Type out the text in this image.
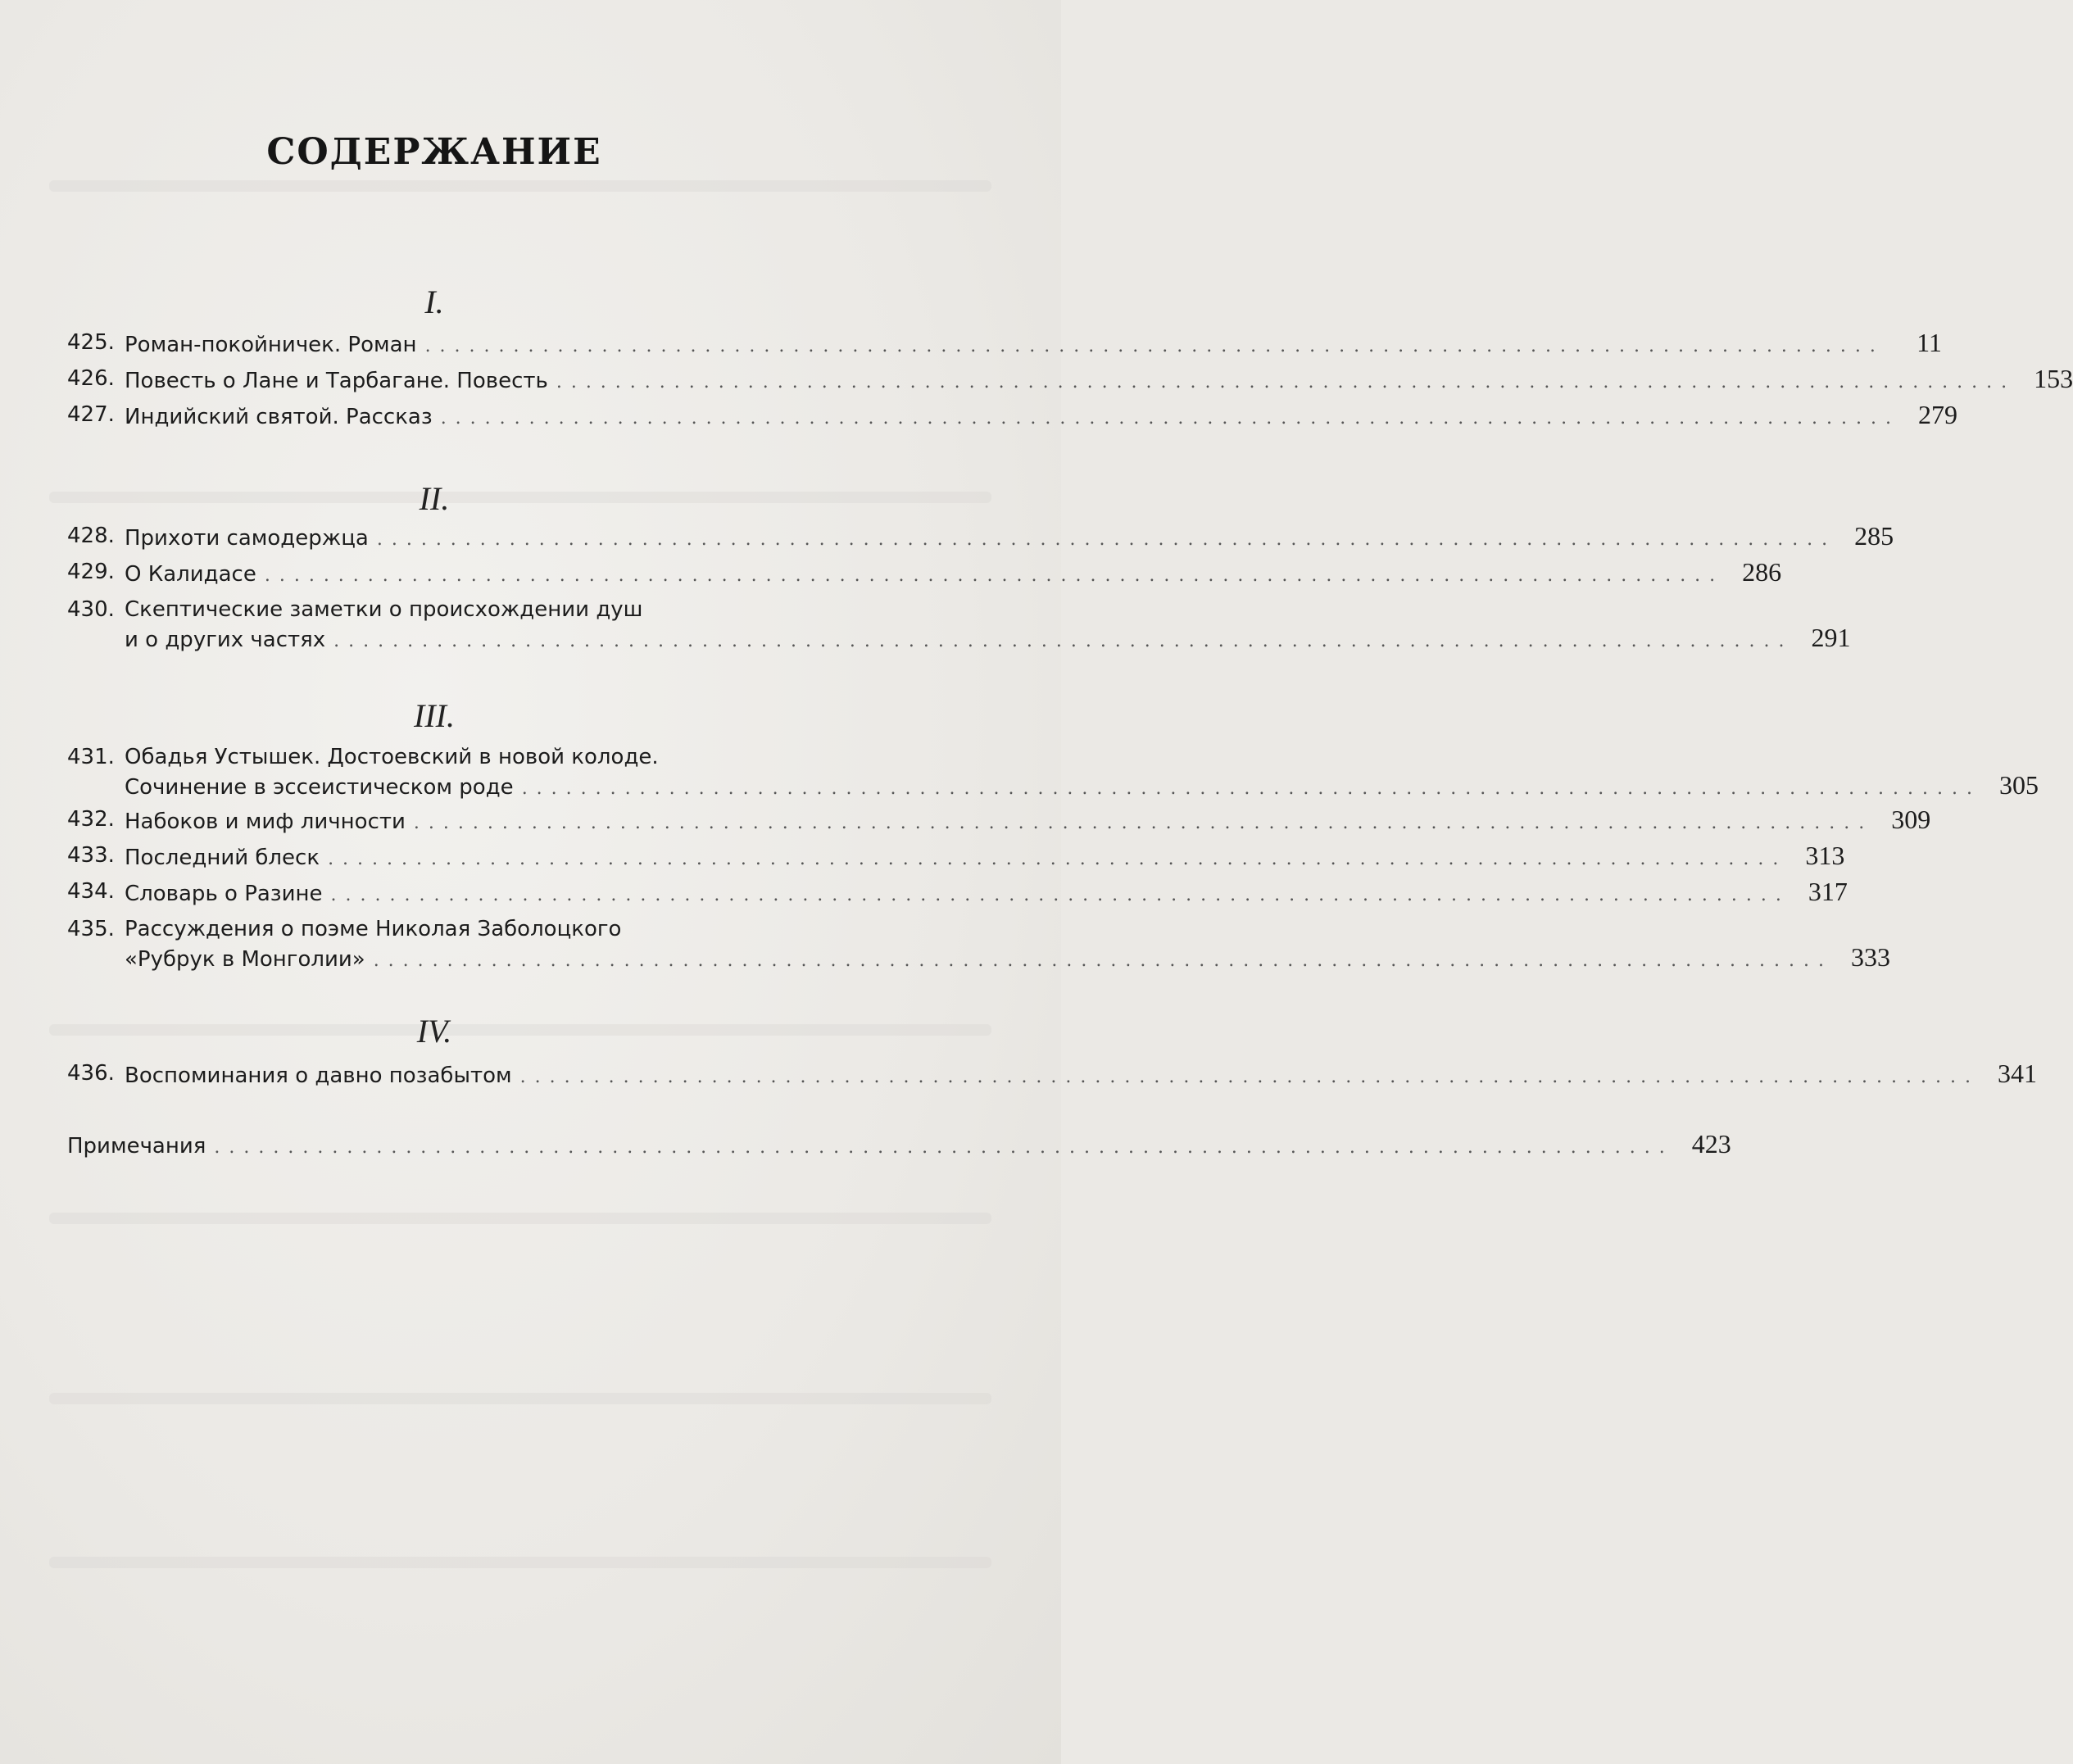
СОДЕРЖАНИЕ
I.
425. Роман-покойничек. Роман ...................................................................................................	11
426. Повесть о Лане и Тарбагане. Повесть ................................................................................................... 153
427. Индийский святой. Рассказ ................................................................................................... 279
II.
428. Прихоти самодержца ................................................................................................... 285
429. О Калидасе ................................................................................................... 286
430. Скептические заметки о происхождении душ
и о других частях ................................................................................................... 291
III.
431. Обадья Устышек. Достоевский в новой колоде.
Сочинение в эссеистическом роде ................................................................................................... 305
432. Набоков и миф личности ................................................................................................... 309
433. Последний блеск ................................................................................................... 313
434. Словарь о Разине ................................................................................................... 317
435. Рассуждения о поэме Николая Заболоцкого
«Рубрук в Монголии» ................................................................................................... 333
IV.
436. Воспоминания о давно позабытом ................................................................................................... 341
Примечания ................................................................................................... 423
